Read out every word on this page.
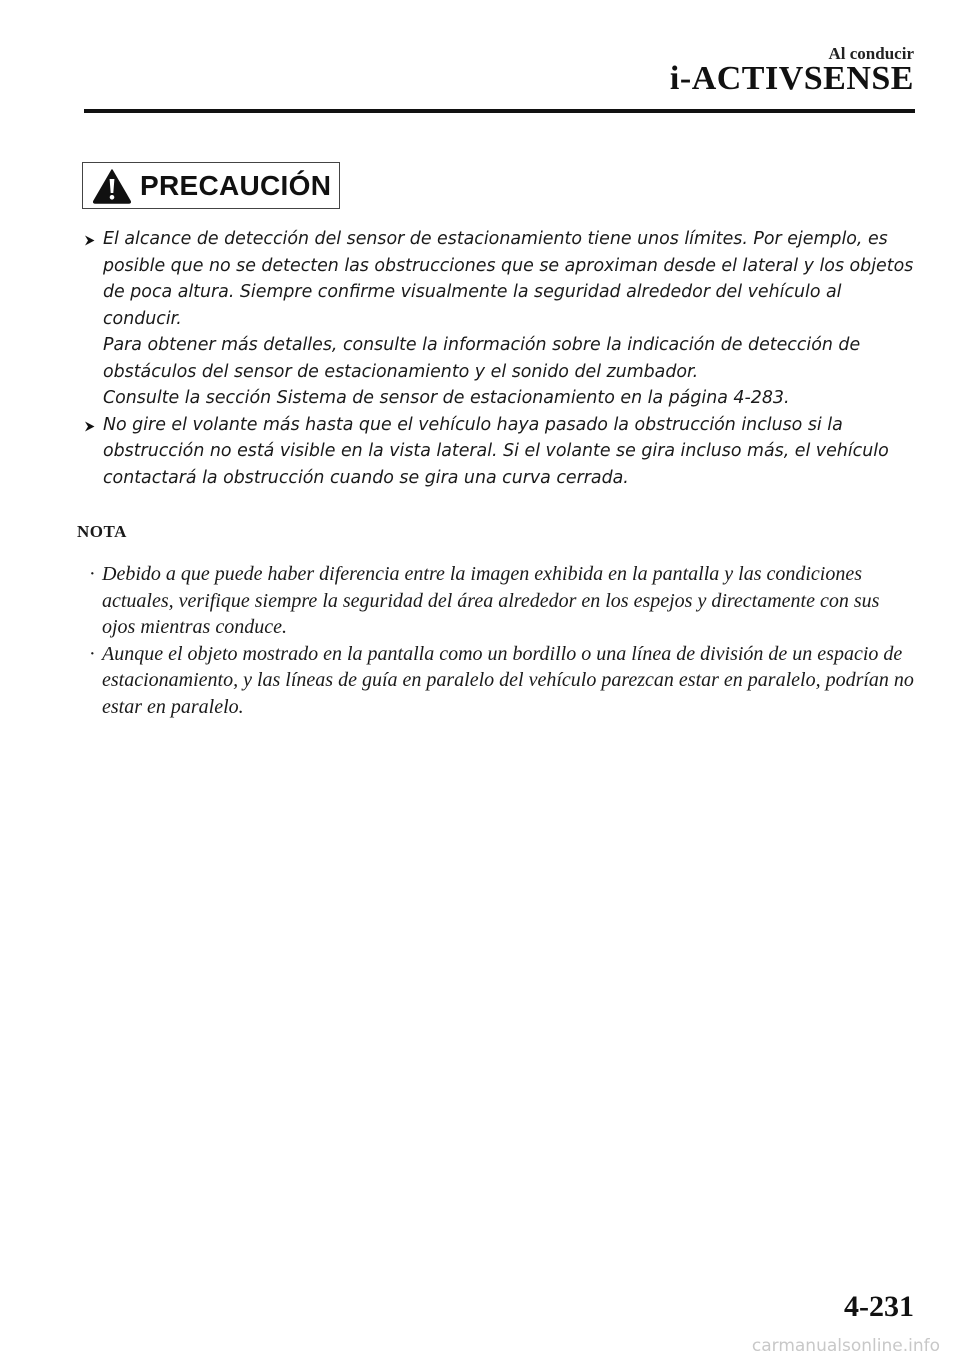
Al conducir
i-ACTIVSENSE
PRECAUCIÓN

El alcance de detección del sensor de estacionamiento tiene unos límites. Por ejemplo, es posible que no se detecten las obstrucciones que se aproximan desde el lateral y los objetos de poca altura. Siempre confirme visualmente la seguridad alrededor del vehículo al conducir.

Para obtener más detalles, consulte la información sobre la indicación de detección de obstáculos del sensor de estacionamiento y el sonido del zumbador.

Consulte la sección Sistema de sensor de estacionamiento en la página 4-283.

No gire el volante más hasta que el vehículo haya pasado la obstrucción incluso si la obstrucción no está visible en la vista lateral. Si el volante se gira incluso más, el vehículo contactará la obstrucción cuando se gira una curva cerrada.

NOTA
· Debido a que puede haber diferencia entre la imagen exhibida en la pantalla y las condiciones actuales, verifique siempre la seguridad del área alrededor en los espejos y directamente con sus ojos mientras conduce.
· Aunque el objeto mostrado en la pantalla como un bordillo o una línea de división de un espacio de estacionamiento, y las líneas de guía en paralelo del vehículo parezcan estar en paralelo, podrían no estar en paralelo.
4-231
carmanualsonline.info
